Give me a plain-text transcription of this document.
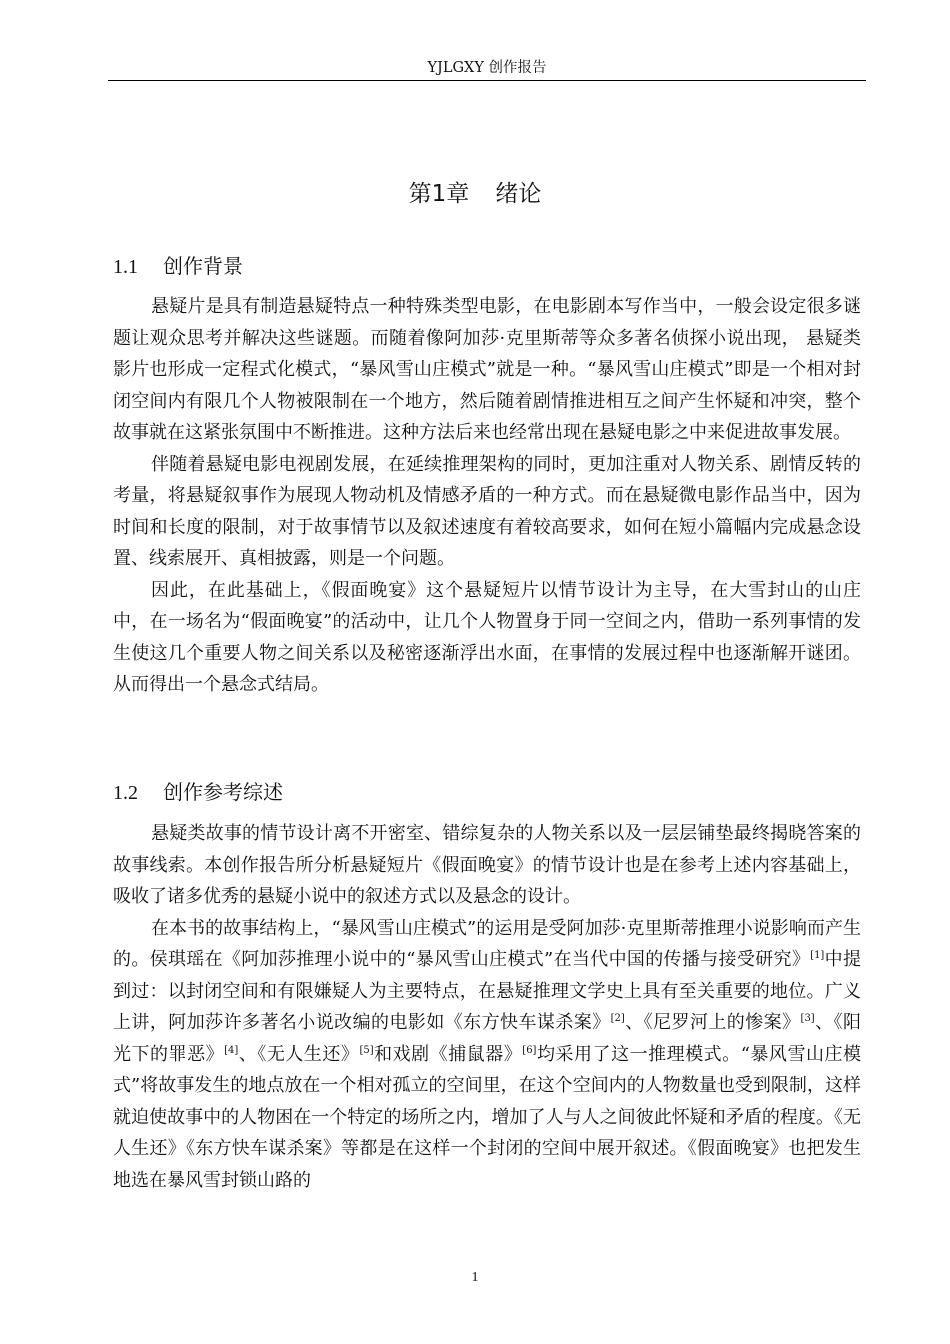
YJLGXY 创作报告
第1章 绪论
1.1 创作背景

悬疑片是具有制造悬疑特点一种特殊类型电影，在电影剧本写作当中，一般会设定很多谜题让观众思考并解决这些谜题。而随着像阿加莎·克里斯蒂等众多著名侦探小说出现， 悬疑类影片也形成一定程式化模式，“暴风雪山庄模式”就是一种。“暴风雪山庄模式”即是一个相对封闭空间内有限几个人物被限制在一个地方，然后随着剧情推进相互之间产生怀疑和冲突，整个故事就在这紧张氛围中不断推进。这种方法后来也经常出现在悬疑电影之中来促进故事发展。

伴随着悬疑电影电视剧发展，在延续推理架构的同时，更加注重对人物关系、剧情反转的考量，将悬疑叙事作为展现人物动机及情感矛盾的一种方式。而在悬疑微电影作品当中，因为时间和长度的限制，对于故事情节以及叙述速度有着较高要求，如何在短小篇幅内完成悬念设置、线索展开、真相披露，则是一个问题。

因此，在此基础上，《假面晚宴》这个悬疑短片以情节设计为主导，在大雪封山的山庄中，在一场名为“假面晚宴”的活动中，让几个人物置身于同一空间之内，借助一系列事情的发生使这几个重要人物之间关系以及秘密逐渐浮出水面，在事情的发展过程中也逐渐解开谜团。从而得出一个悬念式结局。

1.2 创作参考综述

悬疑类故事的情节设计离不开密室、错综复杂的人物关系以及一层层铺垫最终揭晓答案的故事线索。本创作报告所分析悬疑短片《假面晚宴》的情节设计也是在参考上述内容基础上，吸收了诸多优秀的悬疑小说中的叙述方式以及悬念的设计。

在本书的故事结构上，“暴风雪山庄模式”的运用是受阿加莎·克里斯蒂推理小说影响而产生的。侯琪瑶在《阿加莎推理小说中的“暴风雪山庄模式”在当代中国的传播与接受研究》[1]中提到过：以封闭空间和有限嫌疑人为主要特点，在悬疑推理文学史上具有至关重要的地位。广义上讲，阿加莎许多著名小说改编的电影如《东方快车谋杀案》[2]、《尼罗河上的惨案》[3]、《阳光下的罪恶》[4]、《无人生还》[5]和戏剧《捕鼠器》[6]均采用了这一推理模式。“暴风雪山庄模式”将故事发生的地点放在一个相对孤立的空间里，在这个空间内的人物数量也受到限制，这样就迫使故事中的人物困在一个特定的场所之内，增加了人与人之间彼此怀疑和矛盾的程度。《无人生还》《东方快车谋杀案》等都是在这样一个封闭的空间中展开叙述。《假面晚宴》也把发生地选在暴风雪封锁山路的

1
